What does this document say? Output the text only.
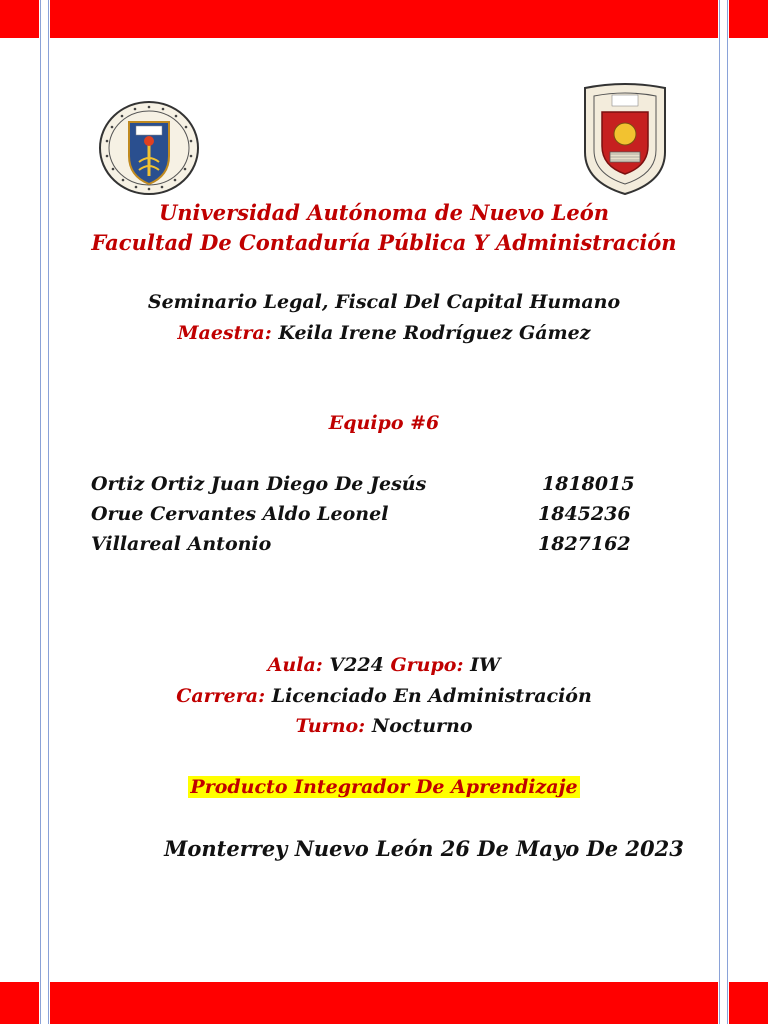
Universidad Autónoma de Nuevo León
Facultad De Contaduría Pública Y Administración
Seminario Legal, Fiscal Del Capital Humano
Maestra: Keila Irene Rodríguez Gámez
Equipo #6
Ortiz Ortiz Juan Diego De Jesús	1818015
Orue Cervantes Aldo Leonel	1845236
Villareal Antonio	1827162
Aula: V224 Grupo: IW
Carrera: Licenciado En Administración
Turno: Nocturno
Producto Integrador De Aprendizaje
Monterrey Nuevo León 26 De Mayo De 2023
